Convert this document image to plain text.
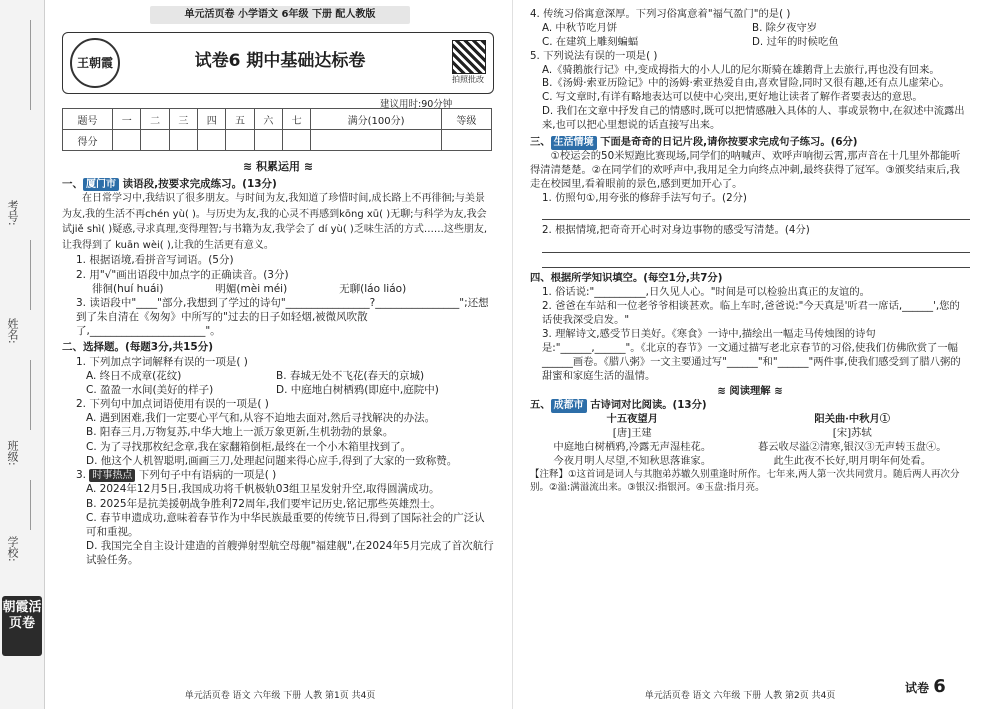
考号:
姓名:
班级:
学校:
朝霞活页卷
单元活页卷 小学语文 6年级 下册 配人教版
王朝霞	试卷6 期中基础达标卷
拍照批改
建议用时:90分钟
题号	一	二	三	四	五	六	七	满分(100分)	等级
得分									
≋ 积累运用 ≋
一、 厦门市 读语段,按要求完成练习。(13分)
在日常学习中,我结识了很多朋友。与时间为友,我知道了珍惜时间,成长路上不再徘徊;与美景为友,我的生活不再chén yù( )。与历史为友,我的心灵不再感到kōng xū( )无聊;与科学为友,我会试jiě shì( )疑惑,寻求真理,变得理智;与书籍为友,我学会了 dí yù( )乏味生活的方式……这些朋友,让我得到了 kuān wèi( ),让我的生活更有意义。
1. 根据语境,看拼音写词语。(5分)
2. 用"√"画出语段中加点字的正确读音。(3分)
徘徊(huí huái)	明媚(mèi méi)	无聊(láo liáo)
3. 读语段中"____"部分,我想到了学过的诗句"________________?________________";还想到了朱自清在《匆匆》中所写的"过去的日子如轻烟,被微风吹散了,______________________"。
二、选择题。(每题3分,共15分)
1. 下列加点字词解释有误的一项是( )
A. 终日不成章(花纹)	B. 春城无处不飞花(春天的京城)
C. 盈盈一水间(美好的样子)	D. 中庭地白树栖鸦(即庭中,庭院中)
2. 下列句中加点词语使用有误的一项是( )
A. 遇到困难,我们一定要心平气和,从容不迫地去面对,然后寻找解决的办法。
B. 阳春三月,万物复苏,中华大地上一派万象更新,生机勃勃的景象。
C. 为了寻找那枚纪念章,我在家翻箱倒柜,最终在一个小木箱里找到了。
D. 他这个人机智聪明,画画三刀,处理起问题来得心应手,得到了大家的一致称赞。
3. 时事热点 下列句子中有语病的一项是( )
A. 2024年12月5日,我国成功将千帆极轨03组卫星发射升空,取得圆满成功。
B. 2025年是抗美援朝战争胜利72周年,我们要牢记历史,铭记那些英雄烈士。
C. 春节申遗成功,意味着春节作为中华民族最重要的传统节日,得到了国际社会的广泛认可和重视。
D. 我国完全自主设计建造的首艘弹射型航空母舰"福建舰",在2024年5月完成了首次航行试验任务。
4. 传统习俗寓意深厚。下列习俗寓意着"福气盈门"的是( )
A. 中秋节吃月饼	B. 除夕夜守岁
C. 在建筑上雕刻蝙蝠	D. 过年的时候吃鱼
5. 下列说法有误的一项是( )
A.《骑鹅旅行记》中,变成拇指大的小人儿的尼尔斯骑在雄鹅背上去旅行,再也没有回来。
B.《汤姆·索亚历险记》中的汤姆·索亚热爱自由,喜欢冒险,同时又很有趣,还有点儿虚荣心。
C. 写文章时,有详有略地表达可以使中心突出,更好地让读者了解作者要表达的意思。
D. 我们在文章中抒发自己的情感时,既可以把情感融入具体的人、事或景物中,在叙述中流露出来,也可以把心里想说的话直接写出来。
三、 生活情境 下面是奇奇的日记片段,请你按要求完成句子练习。(6分)
①校运会的50米短跑比赛现场,同学们的呐喊声、欢呼声响彻云霄,那声音在十几里外都能听得清清楚楚。②在同学们的欢呼声中,我用足全力向终点冲刺,最终获得了冠军。③颁奖结束后,我走在校园里,看着眼前的景色,感到更加开心了。
1. 仿照句①,用夸张的修辞手法写句子。(2分)
2. 根据情境,把奇奇开心时对身边事物的感受写清楚。(4分)
四、根据所学知识填空。(每空1分,共7分)
1. 俗话说:"__________,日久见人心。"时间是可以检验出真正的友谊的。
2. 爸爸在车站和一位老爷爷相谈甚欢。临上车时,爸爸说:"今天真是'听君一席话,______',您的话使我深受启发。"
3. 理解诗文,感受节日美好。《寒食》一诗中,描绘出一幅走马传烛图的诗句是:"______,______"。《北京的春节》一文通过描写老北京春节的习俗,使我们仿佛欣赏了一幅______画卷。《腊八粥》一文主要通过写"______"和"______"两件事,使我们感受到了腊八粥的甜蜜和家庭生活的温情。
≋ 阅读理解 ≋
五、 成都市 古诗词对比阅读。(13分)
十五夜望月
[唐]王建
中庭地白树栖鸦,冷露无声湿桂花。
今夜月明人尽望,不知秋思落谁家。
阳关曲·中秋月①
[宋]苏轼
暮云收尽溢②清寒,银汉③无声转玉盘④。
此生此夜不长好,明月明年何处看。
【注释】①这首词是词人与其胞弟苏辙久别重逢时所作。七年来,两人第一次共同赏月。随后两人再次分别。②溢:满溢流出来。③银汉:指银河。④玉盘:指月亮。
单元活页卷 语文 六年级 下册 人教 第1页 共4页	单元活页卷 语文 六年级 下册 人教 第2页 共4页
试卷 6
